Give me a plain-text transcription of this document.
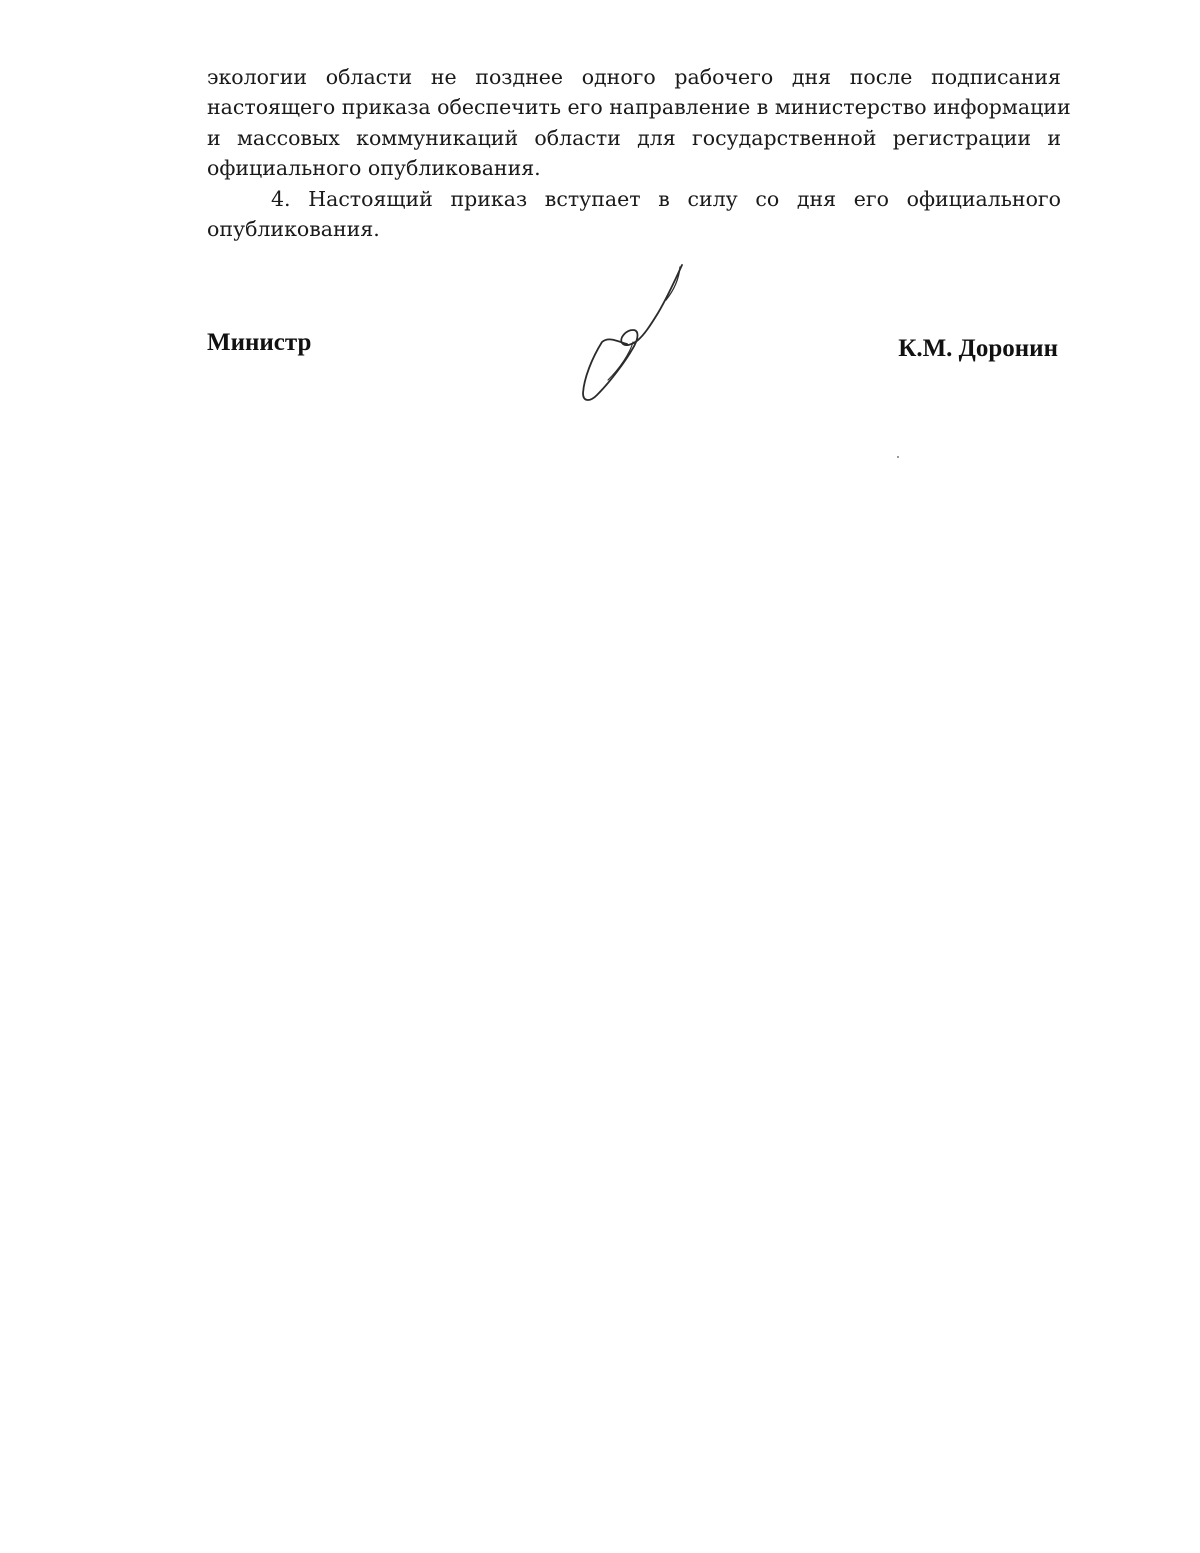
экологии области не позднее одного рабочего дня после подписания
настоящего приказа обеспечить его направление в министерство информации
и массовых коммуникаций области для государственной регистрации и
официального опубликования.
4. Настоящий приказ вступает в силу со дня его официального
опубликования.

Министр	К.М. Доронин
